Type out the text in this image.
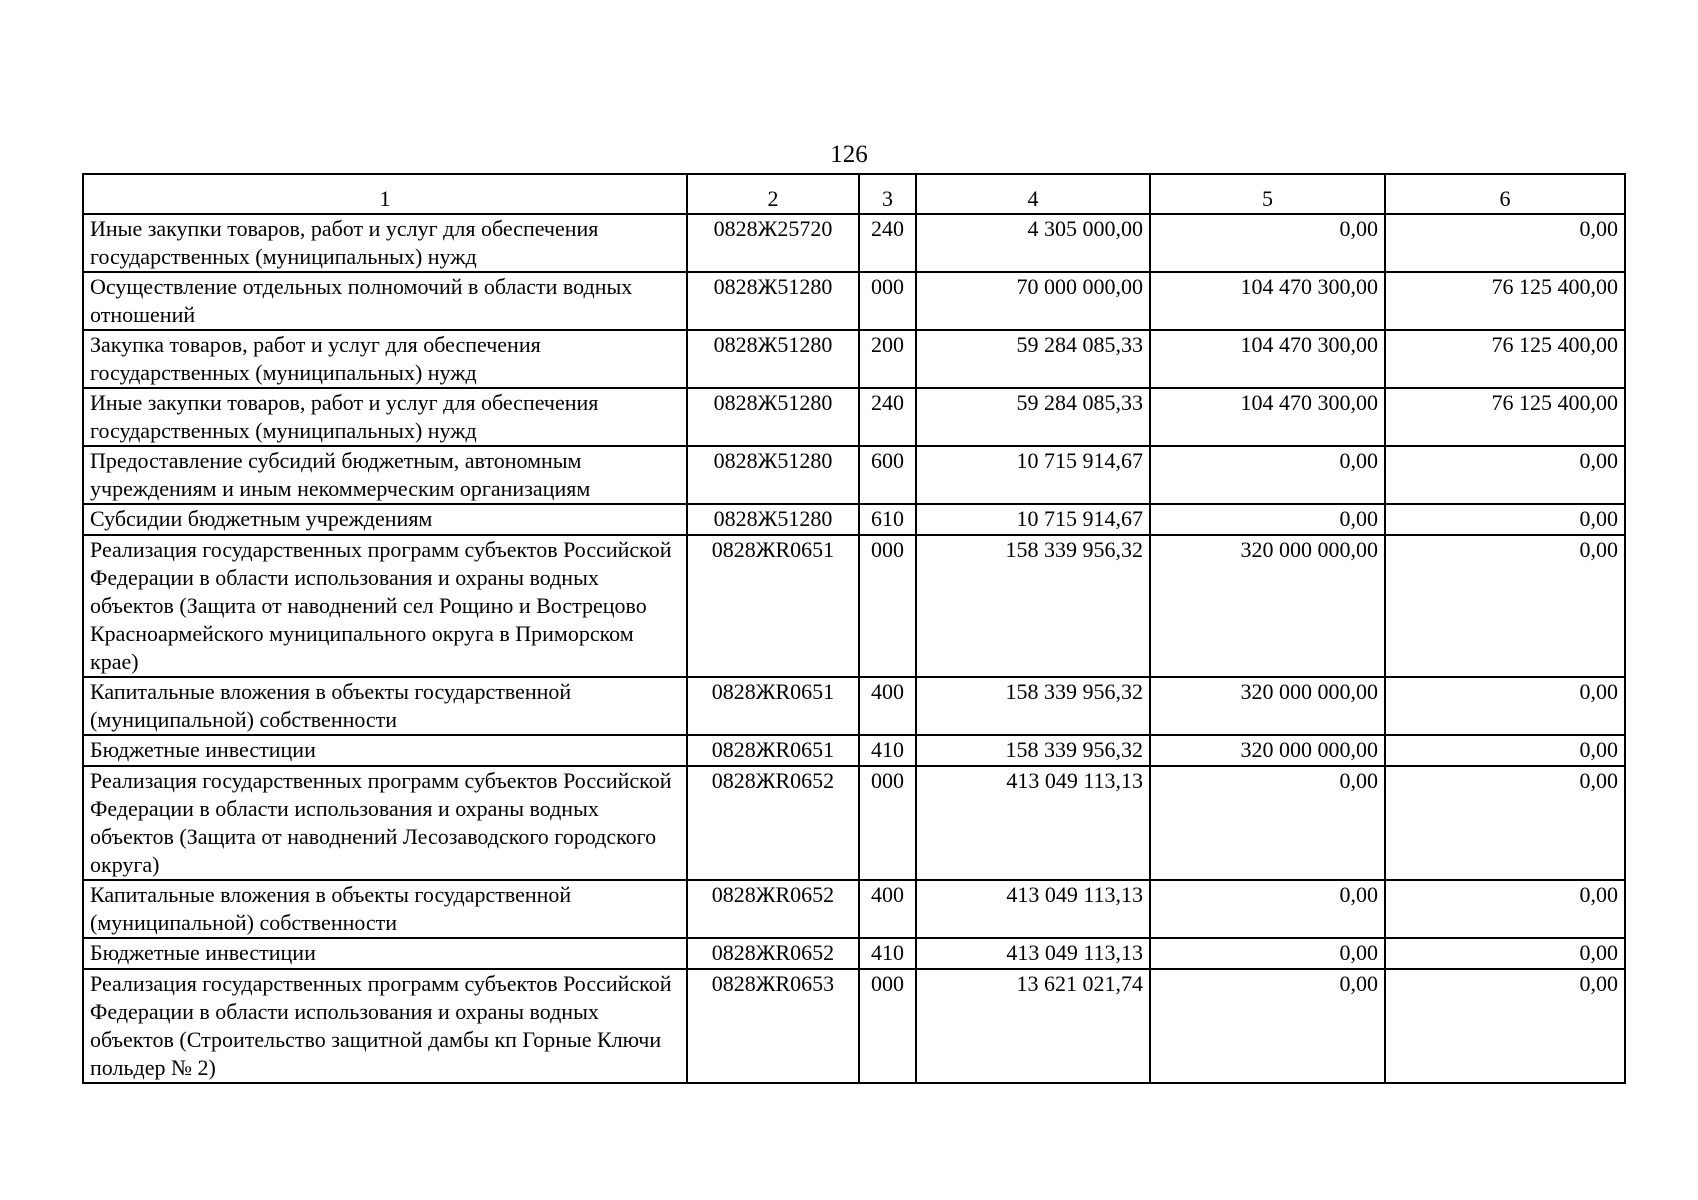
126
1	2	3	4	5	6
Иные закупки товаров, работ и услуг для обеспечения государственных (муниципальных) нужд	0828Ж25720	240	4 305 000,00	0,00	0,00
Осуществление отдельных полномочий в области водных отношений	0828Ж51280	000	70 000 000,00	104 470 300,00	76 125 400,00
Закупка товаров, работ и услуг для обеспечения государственных (муниципальных) нужд	0828Ж51280	200	59 284 085,33	104 470 300,00	76 125 400,00
Иные закупки товаров, работ и услуг для обеспечения государственных (муниципальных) нужд	0828Ж51280	240	59 284 085,33	104 470 300,00	76 125 400,00
Предоставление субсидий бюджетным, автономным учреждениям и иным некоммерческим организациям	0828Ж51280	600	10 715 914,67	0,00	0,00
Субсидии бюджетным учреждениям	0828Ж51280	610	10 715 914,67	0,00	0,00
Реализация государственных программ субъектов Российской Федерации в области использования и охраны водных объектов (Защита от наводнений сел Рощино и Вострецово Красноармейского муниципального округа в Приморском крае)	0828ЖR0651	000	158 339 956,32	320 000 000,00	0,00
Капитальные вложения в объекты государственной (муниципальной) собственности	0828ЖR0651	400	158 339 956,32	320 000 000,00	0,00
Бюджетные инвестиции	0828ЖR0651	410	158 339 956,32	320 000 000,00	0,00
Реализация государственных программ субъектов Российской Федерации в области использования и охраны водных объектов (Защита от наводнений Лесозаводского городского округа)	0828ЖR0652	000	413 049 113,13	0,00	0,00
Капитальные вложения в объекты государственной (муниципальной) собственности	0828ЖR0652	400	413 049 113,13	0,00	0,00
Бюджетные инвестиции	0828ЖR0652	410	413 049 113,13	0,00	0,00
Реализация государственных программ субъектов Российской Федерации в области использования и охраны водных объектов (Строительство защитной дамбы кп Горные Ключи польдер № 2)	0828ЖR0653	000	13 621 021,74	0,00	0,00
